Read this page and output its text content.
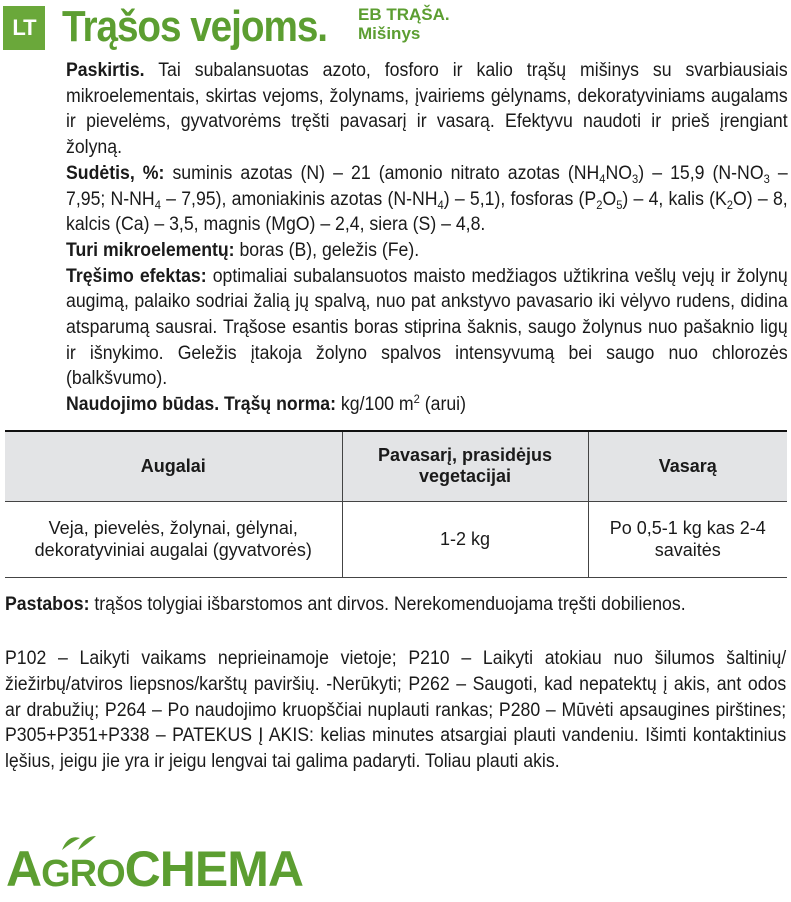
LT Trąšos vejoms. EB TRĄŠA.
Mišinys

Paskirtis. Tai subalansuotas azoto, fosforo ir kalio trąšų mišinys su svarbiausiais mikroelementais, skirtas vejoms, žolynams, įvairiems gėlynams, dekoratyviniams augalams ir pievelėms, gyvatvorėms tręšti pavasarį ir vasarą. Efektyvu naudoti ir prieš įrengiant žolyną.

Sudėtis, %: suminis azotas (N) – 21 (amonio nitrato azotas $(NH_4NO_3) - 15,9$ ($N-NO_3 - 7,95$; $N-NH_4 - 7,95$), amoniakinis azotas $(N-NH_4) - 5,1$), fosforas $(P_2O_5) - 4$, kalis $(K_2O) - 8$, kalcis (Ca) – 3,5, magnis (MgO) – 2,4, siera (S) – 4,8.

Turi mikroelementų: boras (B), geležis (Fe).

Tręšimo efektas: optimaliai subalansuotos maisto medžiagos užtikrina vešlų vejų ir žolynų augimą, palaiko sodriai žalią jų spalvą, nuo pat ankstyvo pavasario iki vėlyvo rudens, didina atsparumą sausrai. Trąšose esantis boras stiprina šaknis, saugo žolynus nuo pašaknio ligų ir išnykimo. Geležis įtakoja žolyno spalvos intensyvumą bei saugo nuo chlorozės (balkšvumo).

Naudojimo būdas. Trąšų norma: kg/100 $m^2$ (arui)

Augalai	Pavasarį, prasidėjus vegetacijai	Vasarą
Veja, pievelės, žolynai, gėlynai, dekoratyviniai augalai (gyvatvorės)	1-2 kg	Po 0,5-1 kg kas 2-4 savaitės
Pastabos: trąšos tolygiai išbarstomos ant dirvos. Nerekomenduojama tręšti dobilienos.
P102 – Laikyti vaikams neprieinamoje vietoje; P210 – Laikyti atokiau nuo šilumos šaltinių/žiežirbų/atviros liepsnos/karštų paviršių. -Nerūkyti; P262 – Saugoti, kad nepatektų į akis, ant odos ar drabužių; P264 – Po naudojimo kruopščiai nuplauti rankas; P280 – Mūvėti apsaugines pirštines; P305+P351+P338 – PATEKUS Į AKIS: kelias minutes atsargiai plauti vandeniu. Išimti kontaktinius lęšius, jeigu jie yra ir jeigu lengvai tai galima padaryti. Toliau plauti akis.
AGROCHEMA
